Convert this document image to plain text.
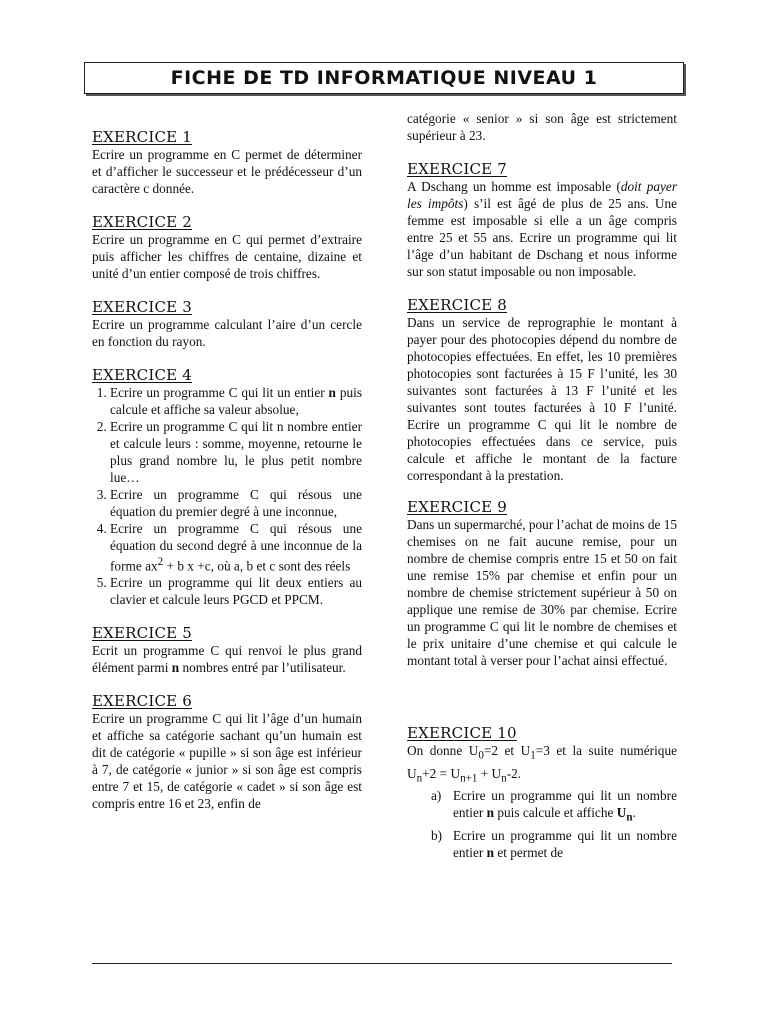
FICHE DE TD INFORMATIQUE NIVEAU 1
EXERCICE 1

Ecrire un programme en C permet de déterminer et d’afficher le successeur et le prédécesseur d’un caractère c donnée.

EXERCICE 2

Ecrire un programme en C qui permet d’extraire puis afficher les chiffres de centaine, dizaine et unité d’un entier composé de trois chiffres.

EXERCICE 3

Ecrire un programme calculant l’aire d’un cercle en fonction du rayon.

EXERCICE 4
1. Ecrire un programme C qui lit un entier n puis calcule et affiche sa valeur absolue,
2. Ecrire un programme C qui lit n nombre entier et calcule leurs : somme, moyenne, retourne le plus grand nombre lu, le plus petit nombre lue…
3. Ecrire un programme C qui résous une équation du premier degré à une inconnue,
4. Ecrire un programme C qui résous une équation du second degré à une inconnue de la forme $ax^2 + b$ x +c, où a, b et c sont des réels
5. Ecrire un programme qui lit deux entiers au clavier et calcule leurs PGCD et PPCM.
EXERCICE 5

Ecrit un programme C qui renvoi le plus grand élément parmi n nombres entré par l’utilisateur.

EXERCICE 6

Ecrire un programme C qui lit l’âge d’un humain et affiche sa catégorie sachant qu’un humain est dit de catégorie « pupille » si son âge est inférieur à 7, de catégorie « junior » si son âge est compris entre 7 et 15, de catégorie « cadet » si son âge est compris entre 16 et 23, enfin de

catégorie « senior » si son âge est strictement supérieur à 23.

EXERCICE 7

A Dschang un homme est imposable (doit payer les impôts) s’il est âgé de plus de 25 ans. Une femme est imposable si elle a un âge compris entre 25 et 55 ans. Ecrire un programme qui lit l’âge d’un habitant de Dschang et nous informe sur son statut imposable ou non imposable.

EXERCICE 8

Dans un service de reprographie le montant à payer pour des photocopies dépend du nombre de photocopies effectuées. En effet, les 10 premières photocopies sont facturées à 15 F l’unité, les 30 suivantes sont facturées à 13 F l’unité et les suivantes sont toutes facturées à 10 F l’unité. Ecrire un programme C qui lit le nombre de photocopies effectuées dans ce service, puis calcule et affiche le montant de la facture correspondant à la prestation.

EXERCICE 9

Dans un supermarché, pour l’achat de moins de 15 chemises on ne fait aucune remise, pour un nombre de chemise compris entre 15 et 50 on fait une remise 15% par chemise et enfin pour un nombre de chemise strictement supérieur à 50 on applique une remise de 30% par chemise. Ecrire un programme C qui lit le nombre de chemises et le prix unitaire d’une chemise et qui calcule le montant total à verser pour l’achat ainsi effectué.

EXERCICE 10

On donne $U_0=2$ et $U_1=3$ et la suite numérique $U_n+2 = U_{n+1} + U_n-2$.

a) Ecrire un programme qui lit un nombre entier n puis calcule et affiche $U_n$.
b) Ecrire un programme qui lit un nombre entier n et permet de
